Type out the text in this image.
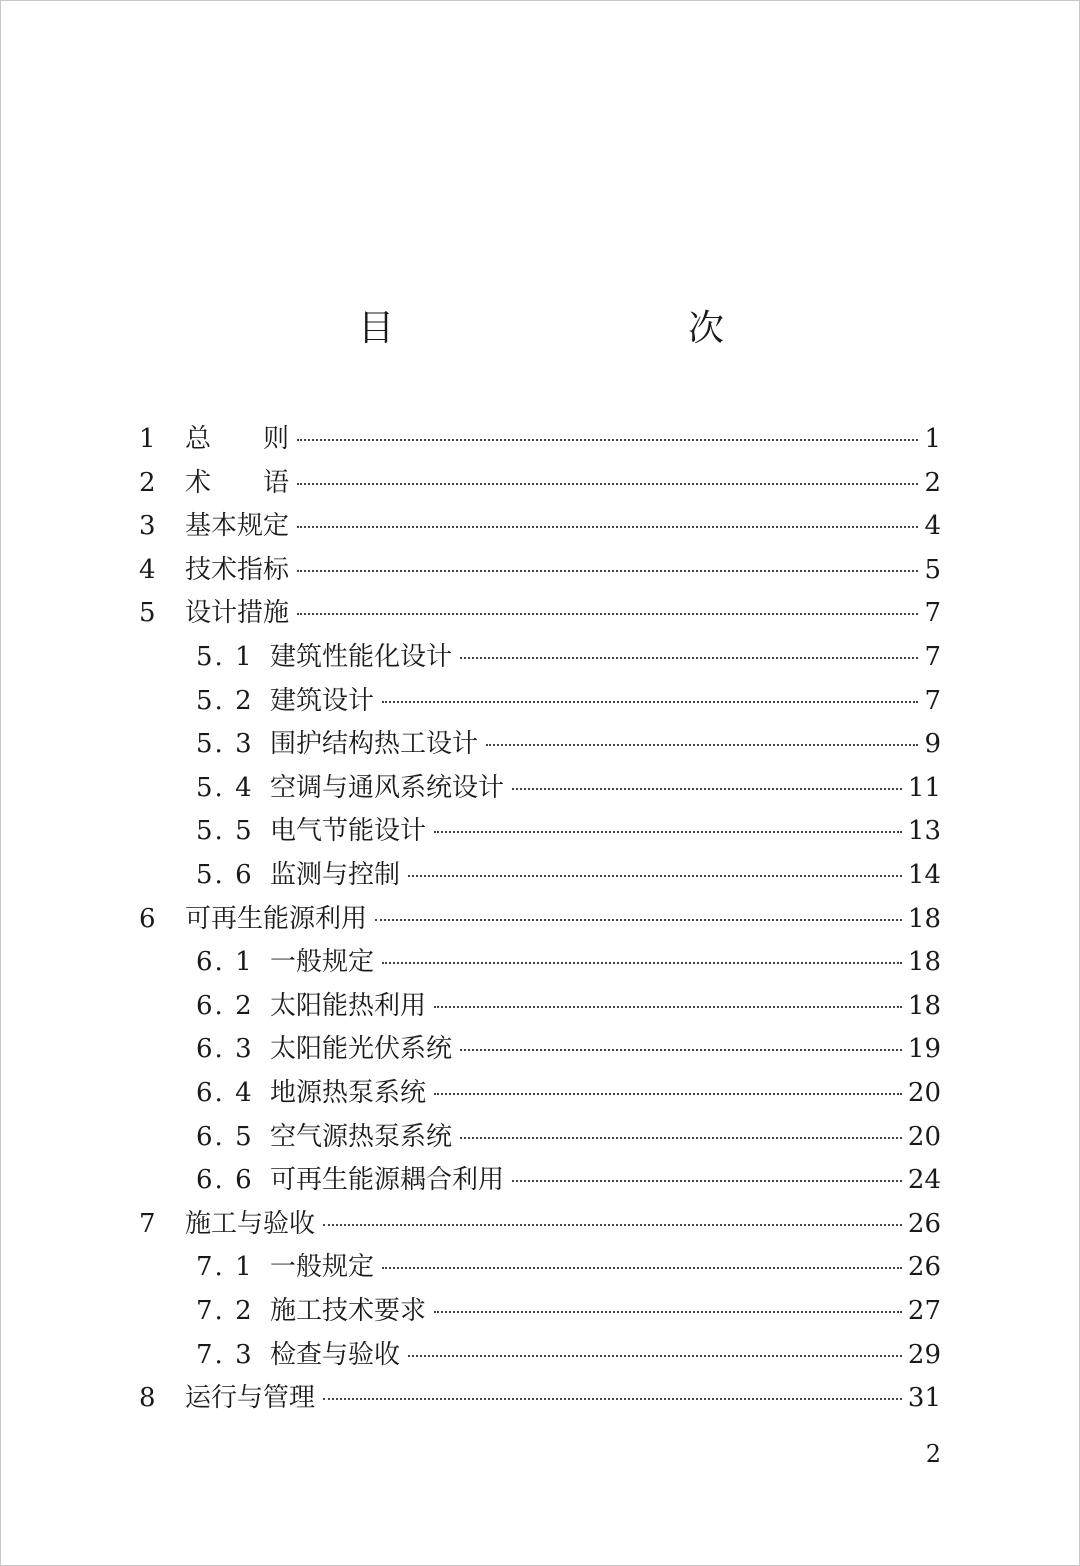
目　　次
1	总　　则	1
2	术　　语	2
3	基本规定	4
4	技术指标	5
5	设计措施	7
5. 1 建筑性能化设计	7
5. 2 建筑设计	7
5. 3 围护结构热工设计	9
5. 4 空调与通风系统设计	11
5. 5 电气节能设计	13
5. 6 监测与控制	14
6	可再生能源利用	18
6. 1 一般规定	18
6. 2 太阳能热利用	18
6. 3 太阳能光伏系统	19
6. 4 地源热泵系统	20
6. 5 空气源热泵系统	20
6. 6 可再生能源耦合利用	24
7	施工与验收	26
7. 1 一般规定	26
7. 2 施工技术要求	27
7. 3 检查与验收	29
8	运行与管理	31
2
